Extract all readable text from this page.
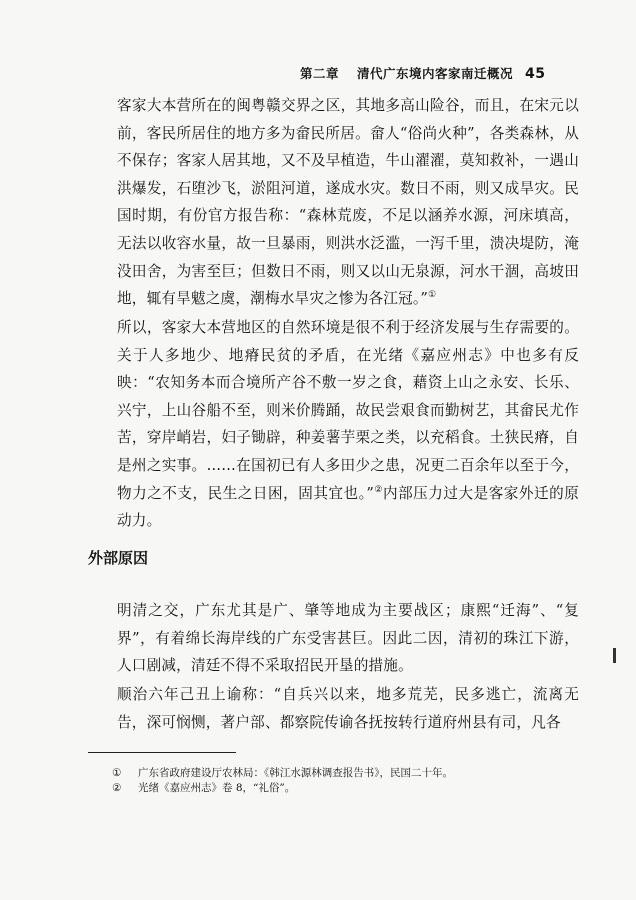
第二章 清代广东境内客家南迁概况 45

客家大本营所在的闽粤赣交界之区，其地多高山险谷，而且，在宋元以前，客民所居住的地方多为畲民所居。畲人“俗尚火种”，各类森林，从不保存；客家人居其地，又不及早植造，牛山濯濯，莫知救补，一遇山洪爆发，石堕沙飞，淤阻河道，遂成水灾。数日不雨，则又成旱灾。民国时期，有份官方报告称：“森林荒废，不足以涵养水源，河床填高，无法以收容水量，故一旦暴雨，则洪水泛滥，一泻千里，溃决堤防，淹没田舍，为害至巨；但数日不雨，则又以山无泉源，河水干涸，高坡田地，辄有旱魃之虞，潮梅水旱灾之惨为各江冠。”①

所以，客家大本营地区的自然环境是很不利于经济发展与生存需要的。关于人多地少、地瘠民贫的矛盾，在光绪《嘉应州志》中也多有反映：“农知务本而合境所产谷不敷一岁之食，藉资上山之永安、长乐、兴宁，上山谷船不至，则米价腾踊，故民尝艰食而勤树艺，其畲民尤作苦，穿岸峭岩，妇子锄辟，种姜薯芋栗之类，以充稻食。土狭民瘠，自是州之实事。……在国初已有人多田少之患，况更二百余年以至于今，物力之不支，民生之日困，固其宜也。”②内部压力过大是客家外迁的原动力。

外部原因

明清之交，广东尤其是广、肇等地成为主要战区；康熙“迁海”、“复界”，有着绵长海岸线的广东受害甚巨。因此二因，清初的珠江下游，人口剧减，清廷不得不采取招民开垦的措施。

顺治六年己丑上谕称：“自兵兴以来，地多荒芜，民多逃亡，流离无告，深可悯恻，著户部、都察院传谕各抚按转行道府州县有司，凡各

① 广东省政府建设厅农林局：《韩江水源林调查报告书》，民国二十年。

② 光绪《嘉应州志》卷 8，“礼俗”。
